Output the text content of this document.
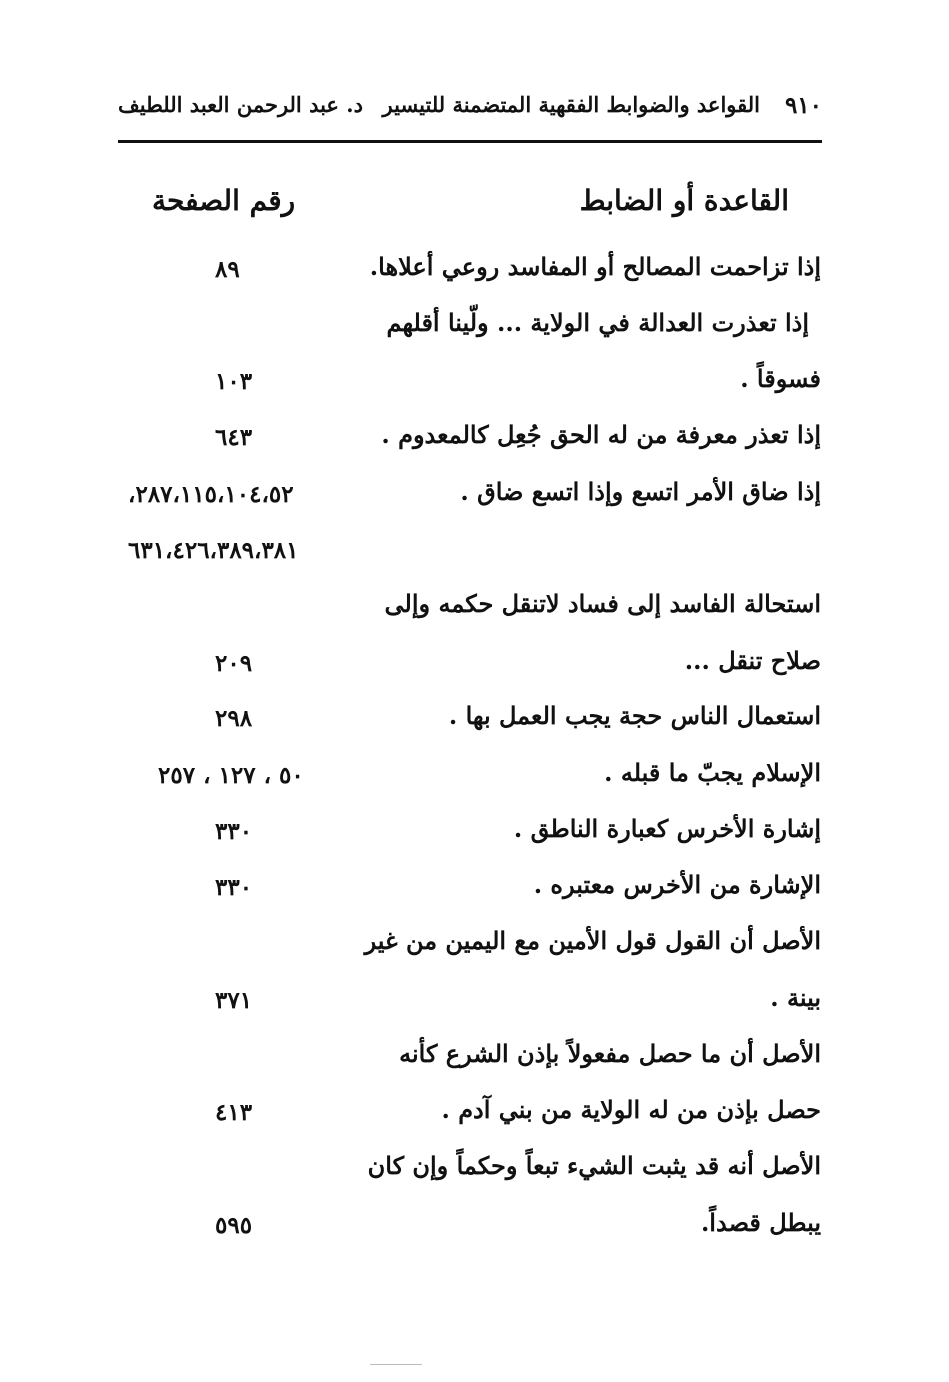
٩١٠
القواعد والضوابط الفقهية المتضمنة للتيسير
د. عبد الرحمن العبد اللطيف
القاعدة أو الضابط
رقم الصفحة
إذا تزاحمت المصالح أو المفاسد روعي أعلاها.
٨٩
إذا تعذرت العدالة في الولاية ... ولّينا أقلهم
فسوقاً .
١٠٣
إذا تعذر معرفة من له الحق جُعِل كالمعدوم .
٦٤٣
إذا ضاق الأمر اتسع وإذا اتسع ضاق .
٢٨٧،١١٥،١٠٤،٥٢،
٦٣١،٤٢٦،٣٨٩،٣٨١
استحالة الفاسد إلى فساد لاتنقل حكمه وإلى
صلاح تنقل ...
٢٠٩
استعمال الناس حجة يجب العمل بها .
٢٩٨
الإسلام يجبّ ما قبله .
٥٠ ، ١٢٧ ، ٢٥٧
إشارة الأخرس كعبارة الناطق .
٣٣٠
الإشارة من الأخرس معتبره .
٣٣٠
الأصل أن القول قول الأمين مع اليمين من غير
بينة .
٣٧١
الأصل أن ما حصل مفعولاً بإذن الشرع كأنه
حصل بإذن من له الولاية من بني آدم .
٤١٣
الأصل أنه قد يثبت الشيء تبعاً وحكماً وإن كان
يبطل قصداً.
٥٩٥
